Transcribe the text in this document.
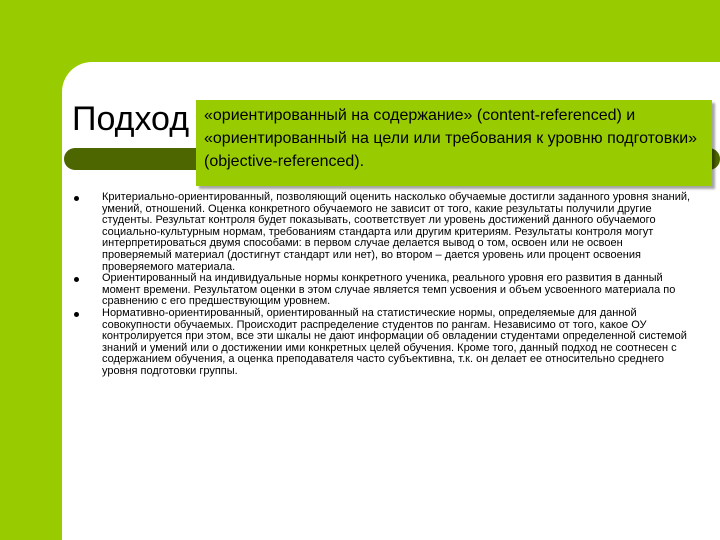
Подход «ориентированный на содержание» (content-referenced) и «ориентированный на цели или требования к уровню подготовки» (objective-referenced).
Критериально-ориентированный, позволяющий оценить насколько обучаемые достигли заданного уровня знаний, умений, отношений. Оценка конкретного обучаемого не зависит от того, какие результаты получили другие студенты. Результат контроля будет показывать, соответствует ли уровень достижений данного обучаемого социально-культурным нормам, требованиям стандарта или другим критериям. Результаты контроля могут интерпретироваться двумя способами: в первом случае делается вывод о том, освоен или не освоен проверяемый материал (достигнут стандарт или нет), во втором – дается уровень или процент освоения проверяемого материала.
Ориентированный на индивидуальные нормы конкретного ученика, реального уровня его развития в данный момент времени. Результатом оценки в этом случае является темп усвоения и объем усвоенного материала по сравнению с его предшествующим уровнем.
Нормативно-ориентированный, ориентированный на статистические нормы, определяемые для данной совокупности обучаемых. Происходит распределение студентов по рангам. Независимо от того, какое ОУ контролируется при этом, все эти шкалы не дают информации об овладении студентами определенной системой знаний и умений или о достижении ими конкретных целей обучения. Кроме того, данный подход не соотнесен с содержанием обучения, а оценка преподавателя часто субъективна, т.к. он делает ее относительно среднего уровня подготовки группы.
